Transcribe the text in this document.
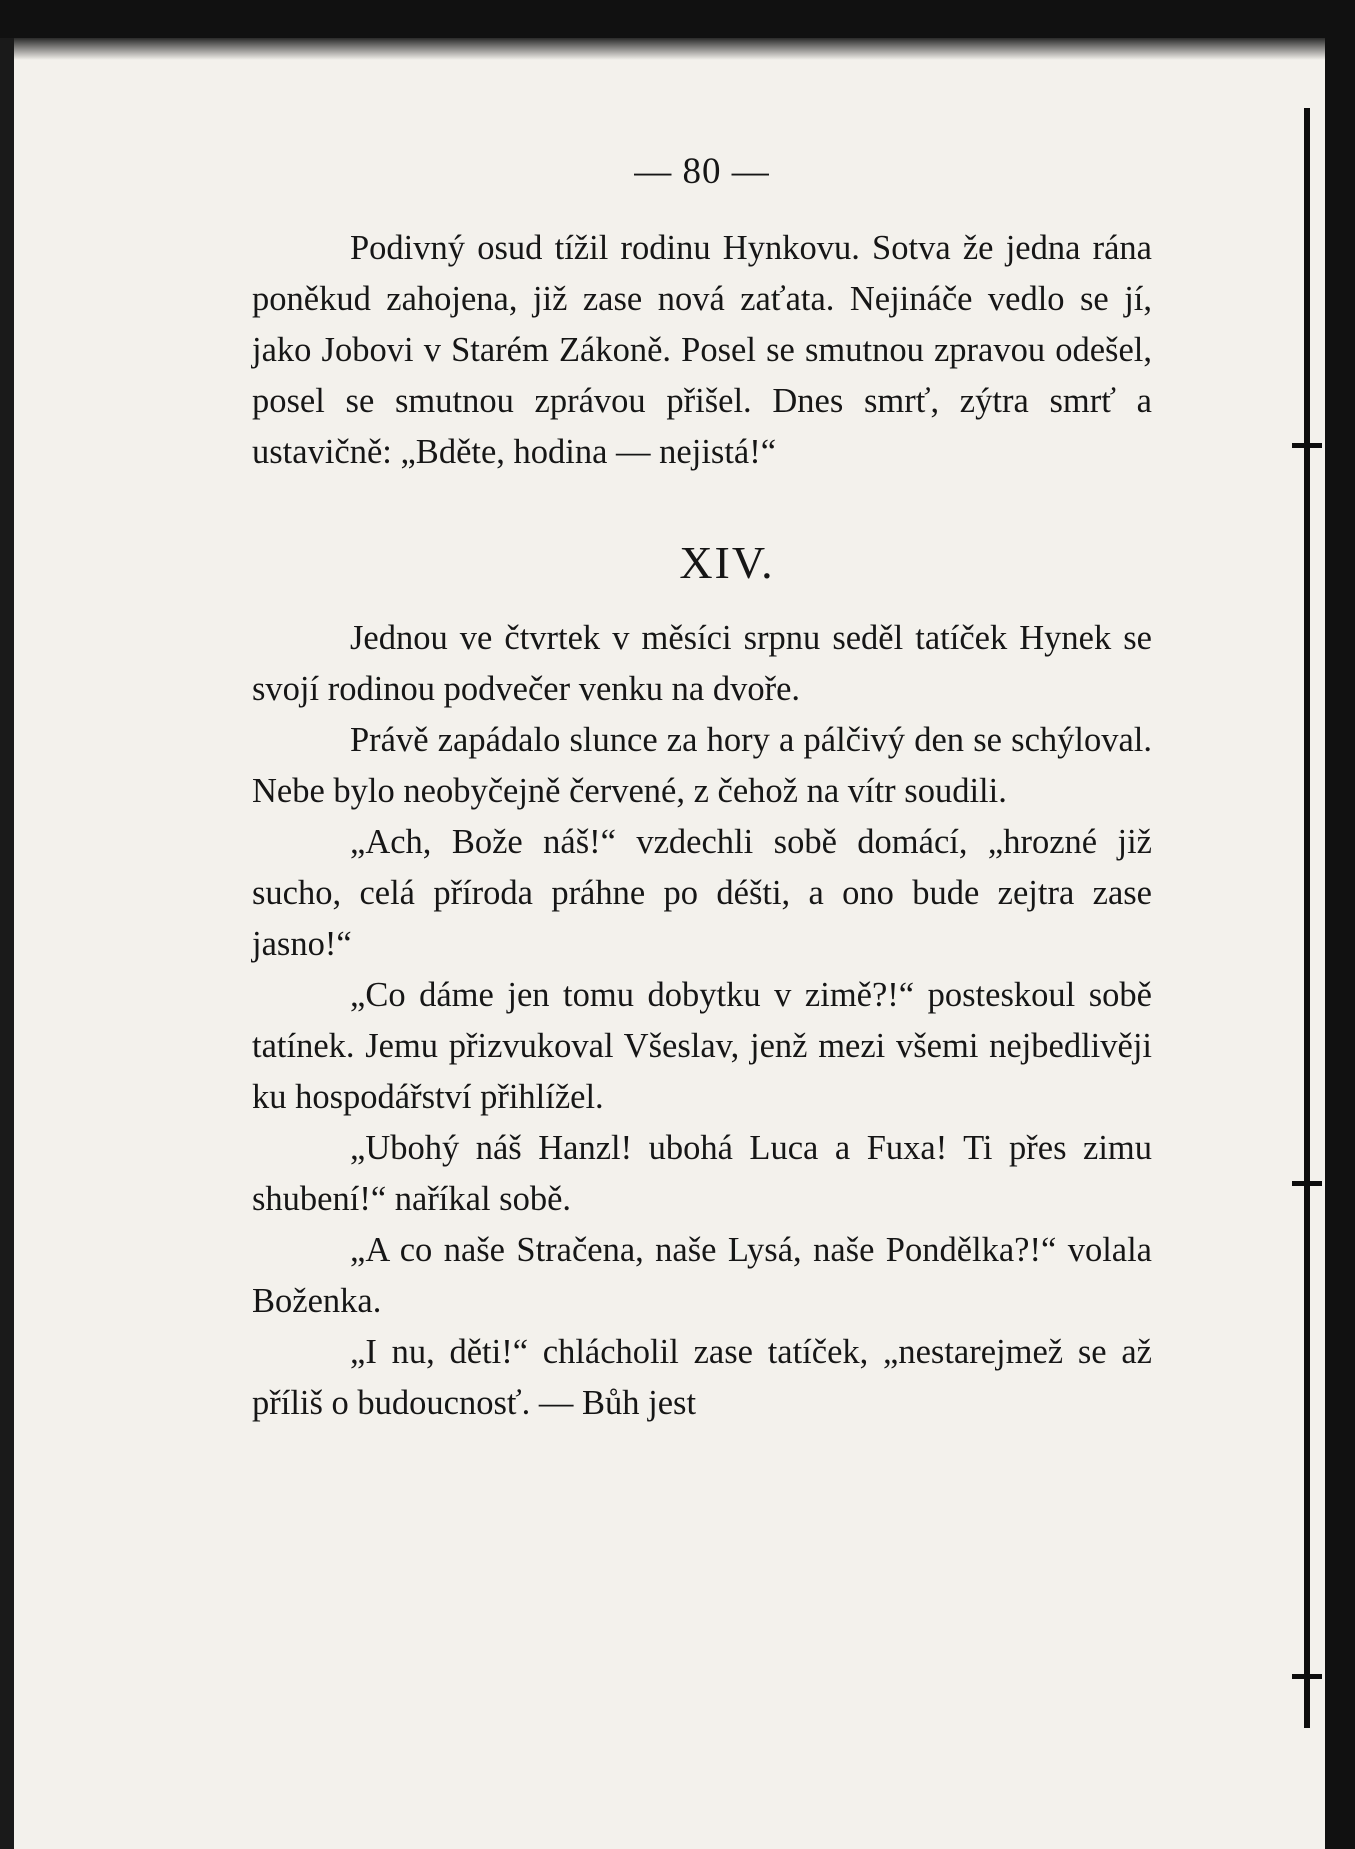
— 80 —

Podivný osud tížil rodinu Hynkovu. Sotva že jedna rána poněkud zahojena, již zase nová zaťata. Nejináče vedlo se jí, jako Jobovi v Starém Zákoně. Posel se smutnou zpravou odešel, posel se smutnou zprávou přišel. Dnes smrť, zýtra smrť a ustavičně: „Bděte, hodina — nejistá!“

XIV.

Jednou ve čtvrtek v měsíci srpnu seděl tatíček Hynek se svojí rodinou podvečer venku na dvoře.

Právě zapádalo slunce za hory a pálčivý den se schýloval. Nebe bylo neobyčejně červené, z čehož na vítr soudili.

„Ach, Bože náš!“ vzdechli sobě domácí, „hrozné již sucho, celá příroda práhne po déšti, a ono bude zejtra zase jasno!“

„Co dáme jen tomu dobytku v zimě?!“ posteskoul sobě tatínek. Jemu přizvukoval Všeslav, jenž mezi všemi nejbedlivěji ku hospodářství přihlížel.

„Ubohý náš Hanzl! ubohá Luca a Fuxa! Ti přes zimu shubení!“ naříkal sobě.

„A co naše Stračena, naše Lysá, naše Pondělka?!“ volala Boženka.

„I nu, děti!“ chlácholil zase tatíček, „nestarejmež se až příliš o budoucnosť. — Bůh jest
